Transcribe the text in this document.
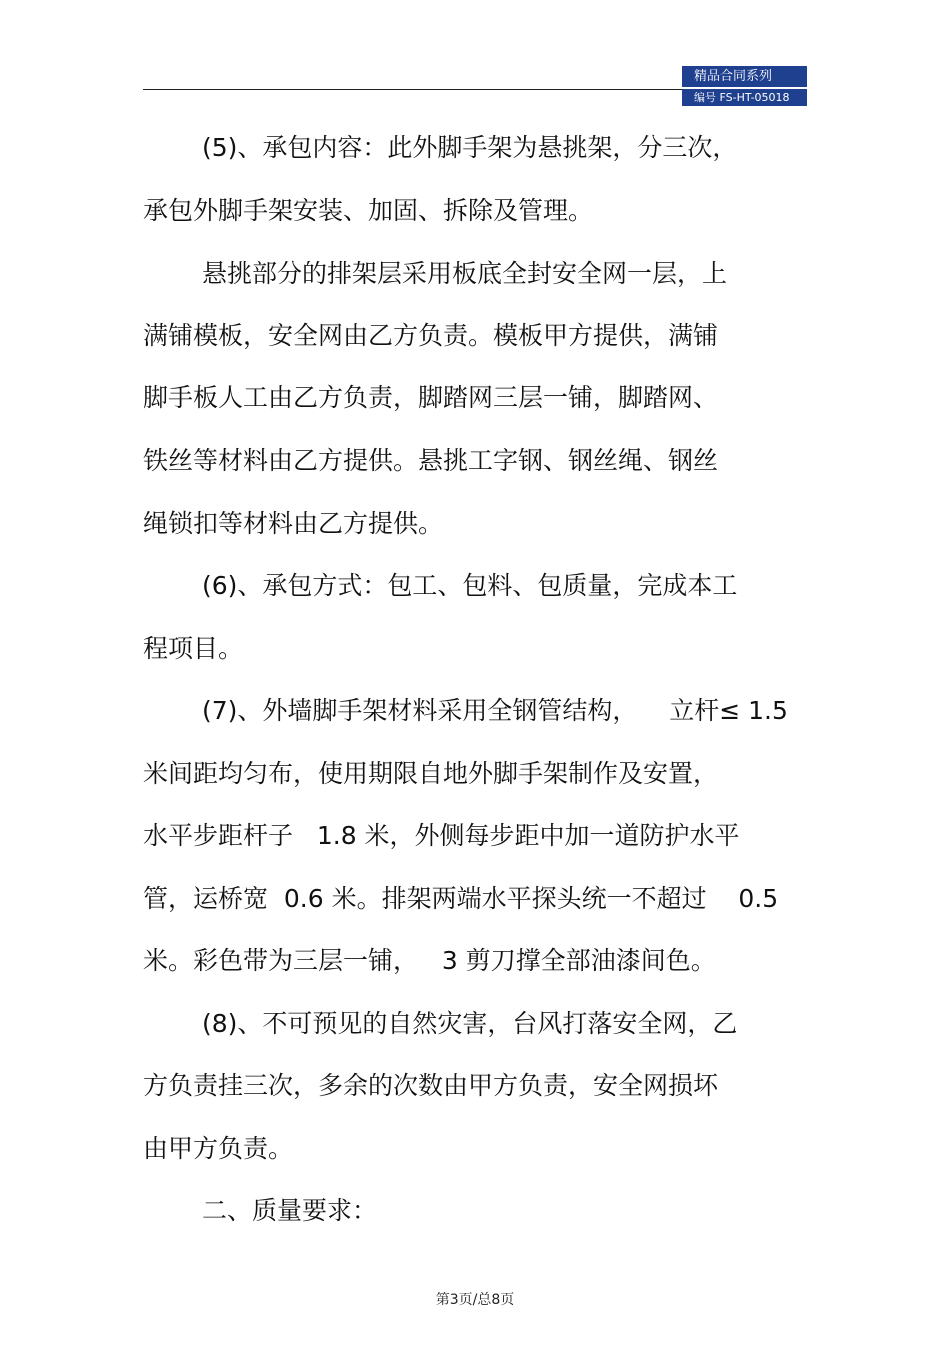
精品合同系列
编号 FS-HT-05018

(5)、承包内容：此外脚手架为悬挑架，分三次，

承包外脚手架安装、加固、拆除及管理。

悬挑部分的排架层采用板底全封安全网一层，上

满铺模板，安全网由乙方负责。模板甲方提供，满铺

脚手板人工由乙方负责，脚踏网三层一铺，脚踏网、

铁丝等材料由乙方提供。悬挑工字钢、钢丝绳、钢丝

绳锁扣等材料由乙方提供。

(6)、承包方式：包工、包料、包质量，完成本工

程项目。

(7)、外墙脚手架材料采用全钢管结构，    立杆≤ 1.5

米间距均匀布，使用期限自地外脚手架制作及安置，

水平步距杆子   1.8 米，外侧每步距中加一道防护水平

管，运桥宽  0.6 米。排架两端水平探头统一不超过    0.5

米。彩色带为三层一铺，   3 剪刀撑全部油漆间色。

(8)、不可预见的自然灾害，台风打落安全网，乙

方负责挂三次，多余的次数由甲方负责，安全网损坏

由甲方负责。

二、质量要求：

第3页/总8页
